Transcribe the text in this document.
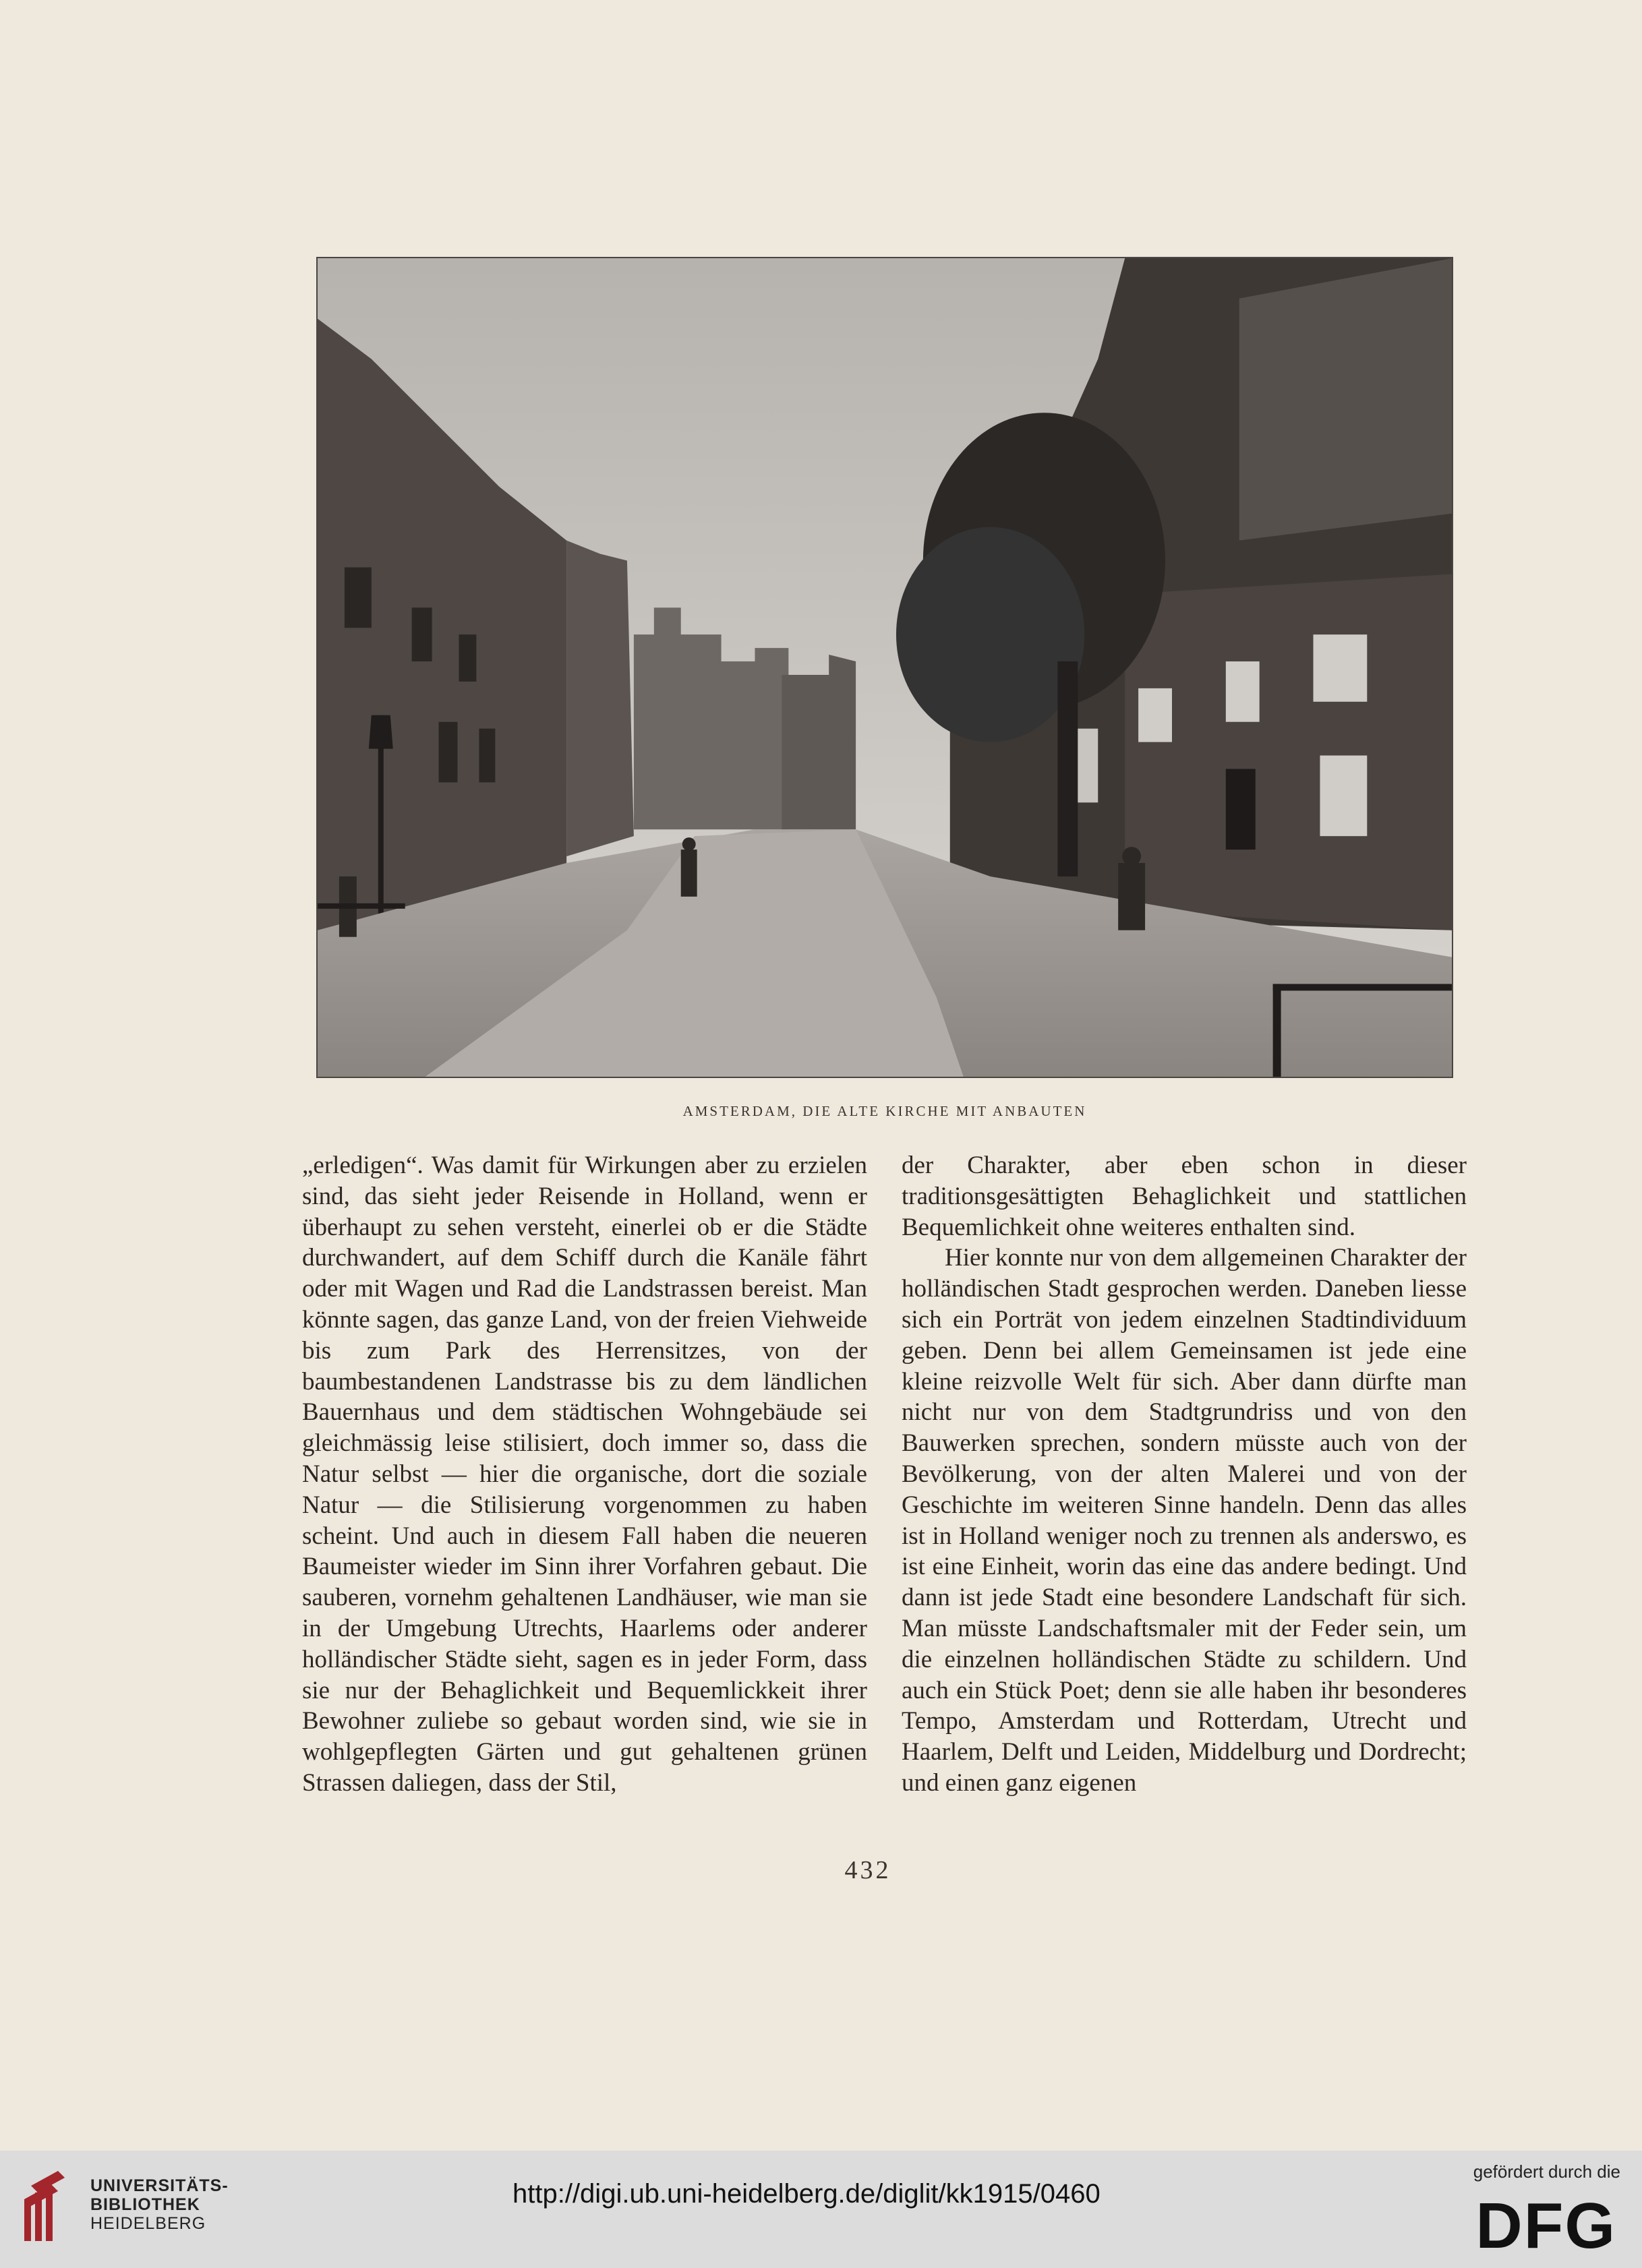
AMSTERDAM, DIE ALTE KIRCHE MIT ANBAUTEN

„erledigen“. Was damit für Wirkungen aber zu erzielen sind, das sieht jeder Reisende in Holland, wenn er überhaupt zu sehen versteht, einerlei ob er die Städte durchwandert, auf dem Schiff durch die Kanäle fährt oder mit Wagen und Rad die Landstrassen bereist. Man könnte sagen, das ganze Land, von der freien Viehweide bis zum Park des Herrensitzes, von der baumbestandenen Landstrasse bis zu dem ländlichen Bauernhaus und dem städtischen Wohngebäude sei gleichmässig leise stilisiert, doch immer so, dass die Natur selbst — hier die organische, dort die soziale Natur — die Stilisierung vorgenommen zu haben scheint. Und auch in diesem Fall haben die neueren Baumeister wieder im Sinn ihrer Vorfahren gebaut. Die sauberen, vornehm gehaltenen Landhäuser, wie man sie in der Umgebung Utrechts, Haarlems oder anderer holländischer Städte sieht, sagen es in jeder Form, dass sie nur der Behaglichkeit und Bequemlickkeit ihrer Bewohner zuliebe so gebaut worden sind, wie sie in wohlgepflegten Gärten und gut gehaltenen grünen Strassen daliegen, dass der Stil,

der Charakter, aber eben schon in dieser traditionsgesättigten Behaglichkeit und stattlichen Bequemlichkeit ohne weiteres enthalten sind.

Hier konnte nur von dem allgemeinen Charakter der holländischen Stadt gesprochen werden. Daneben liesse sich ein Porträt von jedem einzelnen Stadtindividuum geben. Denn bei allem Gemeinsamen ist jede eine kleine reizvolle Welt für sich. Aber dann dürfte man nicht nur von dem Stadtgrundriss und von den Bauwerken sprechen, sondern müsste auch von der Bevölkerung, von der alten Malerei und von der Geschichte im weiteren Sinne handeln. Denn das alles ist in Holland weniger noch zu trennen als anderswo, es ist eine Einheit, worin das eine das andere bedingt. Und dann ist jede Stadt eine besondere Landschaft für sich. Man müsste Landschaftsmaler mit der Feder sein, um die einzelnen holländischen Städte zu schildern. Und auch ein Stück Poet; denn sie alle haben ihr besonderes Tempo, Amsterdam und Rotterdam, Utrecht und Haarlem, Delft und Leiden, Middelburg und Dordrecht; und einen ganz eigenen

432
UNIVERSITÄTS-
BIBLIOTHEK
HEIDELBERG
http://digi.ub.uni-heidelberg.de/diglit/kk1915/0460
gefördert durch die
DFG
